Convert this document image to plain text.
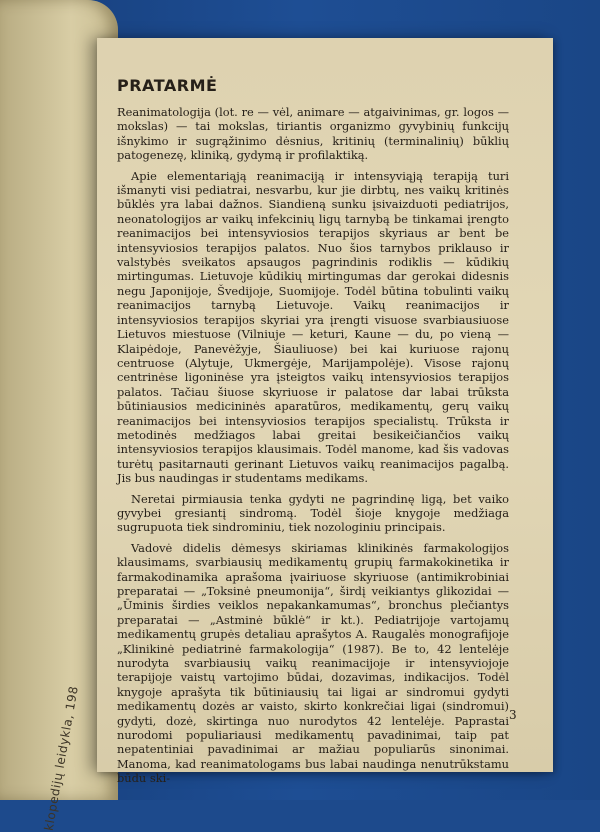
klopedijų leidykla, 198
PRATARMĖ

Reanimatologija (lot. re — vėl, animare — atgaivinimas, gr. logos — mokslas) — tai mokslas, tiriantis organizmo gyvybinių funkcijų išnykimo ir sugrąžinimo dėsnius, kritinių (terminalinių) būklių patogenezę, kliniką, gydymą ir profilaktiką.

Apie elementariąją reanimaciją ir intensyviąją terapiją turi išmanyti visi pediatrai, nesvarbu, kur jie dirbtų, nes vaikų kritinės būklės yra labai dažnos. Siandieną sunku įsivaizduoti pediatrijos, neonatologijos ar vaikų infekcinių ligų tarnybą be tinkamai įrengto reanimacijos bei intensyviosios terapijos skyriaus ar bent be intensyviosios terapijos palatos. Nuo šios tarnybos priklauso ir valstybės sveikatos apsaugos pagrindinis rodiklis — kūdikių mirtingumas. Lietuvoje kūdikių mirtingumas dar gerokai didesnis negu Japonijoje, Švedijoje, Suomijoje. Todėl būtina tobulinti vaikų reanimacijos tarnybą Lietuvoje. Vaikų reanimacijos ir intensyviosios terapijos skyriai yra įrengti visuose svarbiausiuose Lietuvos miestuose (Vilniuje — keturi, Kaune — du, po vieną — Klaipėdoje, Panevėžyje, Šiauliuose) bei kai kuriuose rajonų centruose (Alytuje, Ukmergėje, Marijampolėje). Visose rajonų centrinėse ligoninėse yra įsteigtos vaikų intensyviosios terapijos palatos. Tačiau šiuose skyriuose ir palatose dar labai trūksta būtiniausios medicininės aparatūros, medikamentų, gerų vaikų reanimacijos bei intensyviosios terapijos specialistų. Trūksta ir metodinės medžiagos labai greitai besikeičiančios vaikų intensyviosios terapijos klausimais. Todėl manome, kad šis vadovas turėtų pasitarnauti gerinant Lietuvos vaikų reanimacijos pagalbą. Jis bus naudingas ir studentams medikams.

Neretai pirmiausia tenka gydyti ne pagrindinę ligą, bet vaiko gyvybei gresiantį sindromą. Todėl šioje knygoje medžiaga sugrupuota tiek sindrominiu, tiek nozologiniu principais.

Vadovė didelis dėmesys skiriamas klinikinės farmakologijos klausimams, svarbiausių medikamentų grupių farmakokinetika ir farmakodinamika aprašoma įvairiuose skyriuose (antimikrobiniai preparatai — „Toksinė pneumonija“, širdį veikiantys glikozidai — „Ūminis širdies veiklos nepakankamumas“, bronchus plečiantys preparatai — „Astminė būklė“ ir kt.). Pediatrijoje vartojamų medikamentų grupės detaliau aprašytos A. Raugalės monografijoje „Klinikinė pediatrinė farmakologija“ (1987). Be to, 42 lentelėje nurodyta svarbiausių vaikų reanimacijoje ir intensyviojoje terapijoje vaistų vartojimo būdai, dozavimas, indikacijos. Todėl knygoje aprašyta tik būtiniausių tai ligai ar sindromui gydyti medikamentų dozės ar vaisto, skirto konkrečiai ligai (sindromui) gydyti, dozė, skirtinga nuo nurodytos 42 lentelėje. Paprastai nurodomi populiariausi medikamentų pavadinimai, taip pat nepatentiniai pavadinimai ar mažiau populiarūs sinonimai. Manoma, kad reanimatologams bus labai naudinga nenutrūkstamu būdu ski-

3
